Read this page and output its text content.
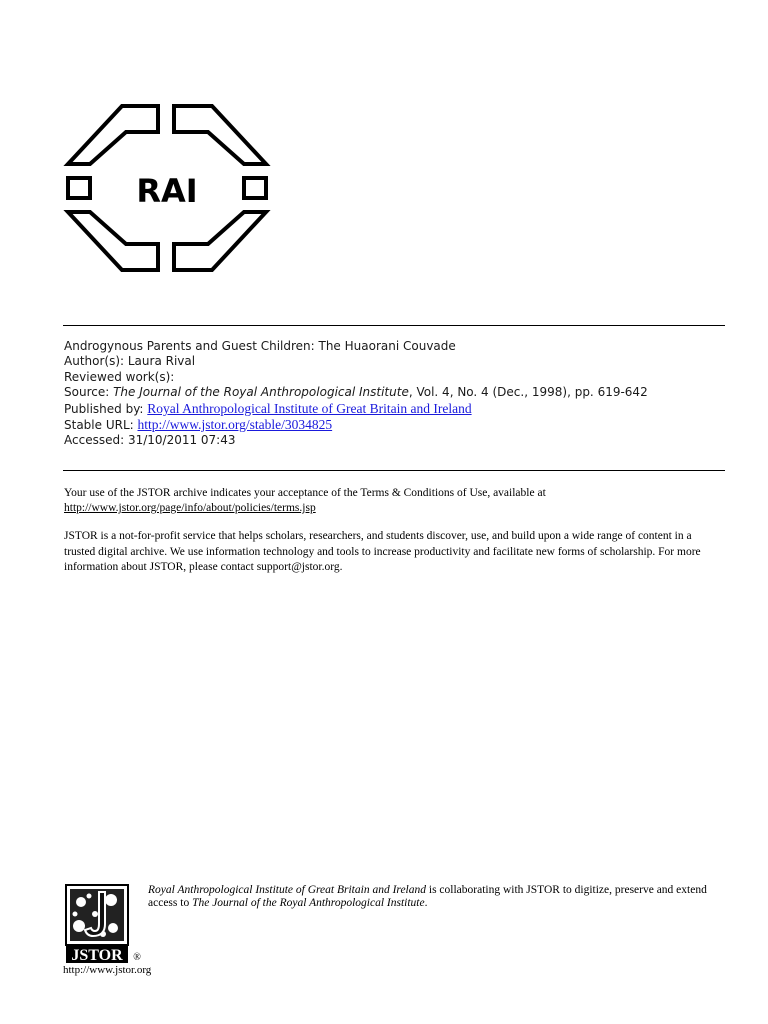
RAI
Androgynous Parents and Guest Children: The Huaorani Couvade
Author(s): Laura Rival
Reviewed work(s):
Source: The Journal of the Royal Anthropological Institute, Vol. 4, No. 4 (Dec., 1998), pp. 619-642
Published by: Royal Anthropological Institute of Great Britain and Ireland
Stable URL: http://www.jstor.org/stable/3034825
Accessed: 31/10/2011 07:43
Your use of the JSTOR archive indicates your acceptance of the Terms & Conditions of Use, available at
http://www.jstor.org/page/info/about/policies/terms.jsp
JSTOR is a not-for-profit service that helps scholars, researchers, and students discover, use, and build upon a wide range of content in a trusted digital archive. We use information technology and tools to increase productivity and facilitate new forms of scholarship. For more information about JSTOR, please contact support@jstor.org.
JSTOR ®
Royal Anthropological Institute of Great Britain and Ireland is collaborating with JSTOR to digitize, preserve and extend access to The Journal of the Royal Anthropological Institute.
http://www.jstor.org
